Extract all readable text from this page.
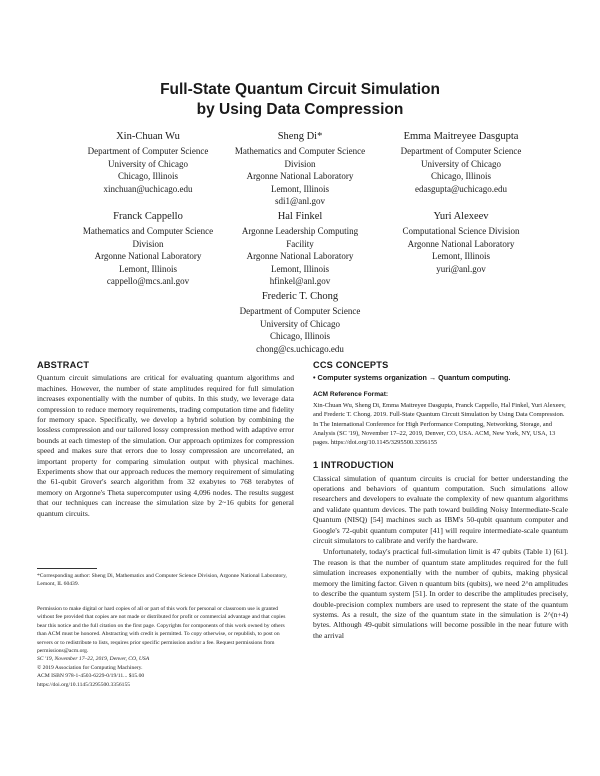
Full-State Quantum Circuit Simulation
by Using Data Compression
Xin-Chuan Wu
Department of Computer Science
University of Chicago
Chicago, Illinois
xinchuan@uchicago.edu
Sheng Di*
Mathematics and Computer Science
Division
Argonne National Laboratory
Lemont, Illinois
sdi1@anl.gov
Emma Maitreyee Dasgupta
Department of Computer Science
University of Chicago
Chicago, Illinois
edasgupta@uchicago.edu
Franck Cappello
Mathematics and Computer Science
Division
Argonne National Laboratory
Lemont, Illinois
cappello@mcs.anl.gov
Hal Finkel
Argonne Leadership Computing
Facility
Argonne National Laboratory
Lemont, Illinois
hfinkel@anl.gov
Yuri Alexeev
Computational Science Division
Argonne National Laboratory
Lemont, Illinois
yuri@anl.gov
Frederic T. Chong
Department of Computer Science
University of Chicago
Chicago, Illinois
chong@cs.uchicago.edu
ABSTRACT

Quantum circuit simulations are critical for evaluating quantum algorithms and machines. However, the number of state amplitudes required for full simulation increases exponentially with the number of qubits. In this study, we leverage data compression to reduce memory requirements, trading computation time and fidelity for memory space. Specifically, we develop a hybrid solution by combining the lossless compression and our tailored lossy compression method with adaptive error bounds at each timestep of the simulation. Our approach optimizes for compression speed and makes sure that errors due to lossy compression are uncorrelated, an important property for comparing simulation output with physical machines. Experiments show that our approach reduces the memory requirement of simulating the 61-qubit Grover's search algorithm from 32 exabytes to 768 terabytes of memory on Argonne's Theta supercomputer using 4,096 nodes. The results suggest that our techniques can increase the simulation size by 2~16 qubits for general quantum circuits.

*Corresponding author: Sheng Di, Mathematics and Computer Science Division, Argonne National Laboratory, Lemont, IL 60439.

Permission to make digital or hard copies of all or part of this work for personal or classroom use is granted without fee provided that copies are not made or distributed for profit or commercial advantage and that copies bear this notice and the full citation on the first page. Copyrights for components of this work owned by others than ACM must be honored. Abstracting with credit is permitted. To copy otherwise, or republish, to post on servers or to redistribute to lists, requires prior specific permission and/or a fee. Request permissions from permissions@acm.org.

SC '19, November 17–22, 2019, Denver, CO, USA

© 2019 Association for Computing Machinery.

ACM ISBN 978-1-4503-6229-0/19/11... $15.00

https://doi.org/10.1145/3295500.3356155

CCS CONCEPTS
• Computer systems organization → Quantum computing.
ACM Reference Format:

Xin-Chuan Wu, Sheng Di, Emma Maitreyee Dasgupta, Franck Cappello, Hal Finkel, Yuri Alexeev, and Frederic T. Chong. 2019. Full-State Quantum Circuit Simulation by Using Data Compression. In The International Conference for High Performance Computing, Networking, Storage, and Analysis (SC '19), November 17–22, 2019, Denver, CO, USA. ACM, New York, NY, USA, 13 pages. https://doi.org/10.1145/3295500.3356155

1 INTRODUCTION

Classical simulation of quantum circuits is crucial for better understanding the operations and behaviors of quantum computation. Such simulations allow researchers and developers to evaluate the complexity of new quantum algorithms and validate quantum devices. The path toward building Noisy Intermediate-Scale Quantum (NISQ) [54] machines such as IBM's 50-qubit quantum computer and Google's 72-qubit quantum computer [41] will require intermediate-scale quantum circuit simulators to calibrate and verify the hardware.

Unfortunately, today's practical full-simulation limit is 47 qubits (Table 1) [61]. The reason is that the number of quantum state amplitudes required for the full simulation increases exponentially with the number of qubits, making physical memory the limiting factor. Given n quantum bits (qubits), we need 2^n amplitudes to describe the quantum system [51]. In order to describe the amplitudes precisely, double-precision complex numbers are used to represent the state of the quantum systems. As a result, the size of the quantum state in the simulation is 2^(n+4) bytes. Although 49-qubit simulations will become possible in the near future with the arrival
